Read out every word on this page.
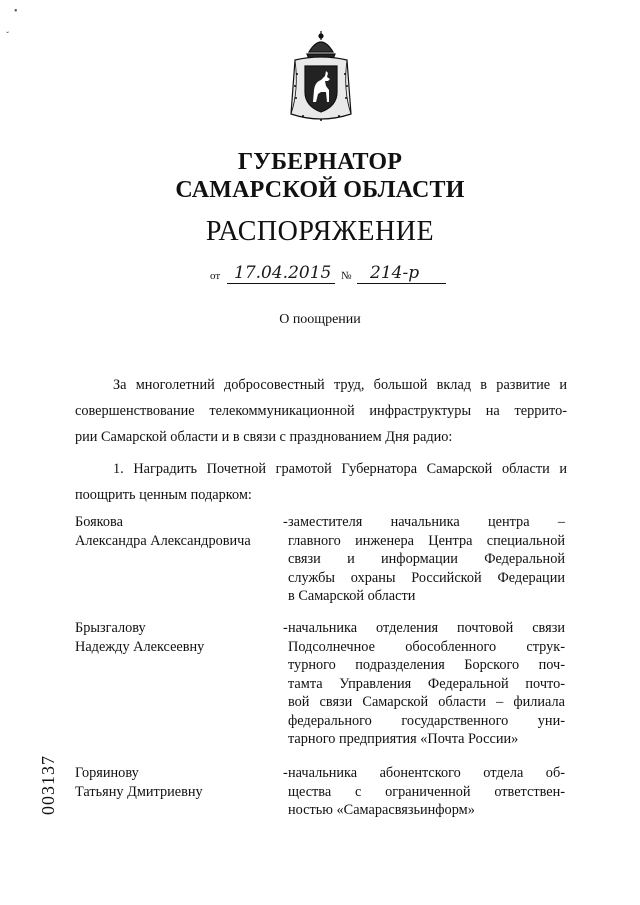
•
ˇ
ГУБЕРНАТОР
САМАРСКОЙ ОБЛАСТИ
РАСПОРЯЖЕНИЕ
от 17.04.2015 № 214-р
О поощрении
За многолетний добросовестный труд, большой вклад в развитие и
совершенствование телекоммуникационной инфраструктуры на террито-
рии Самарской области и в связи с празднованием Дня радио:
1. Наградить Почетной грамотой Губернатора Самарской области и
поощрить ценным подарком:
Боякова
Александра Александровича
- заместителя начальника центра –
главного инженера Центра специальной
связи и информации Федеральной
службы охраны Российской Федерации
в Самарской области
Брызгалову
Надежду Алексеевну
- начальника отделения почтовой связи
Подсолнечное обособленного струк-
турного подразделения Борского поч-
тамта Управления Федеральной почто-
вой связи Самарской области – филиала
федерального государственного уни-
тарного предприятия «Почта России»
Горяинову
Татьяну Дмитриевну
- начальника абонентского отдела об-
щества с ограниченной ответствен-
ностью «Самарасвязьинформ»
003137
